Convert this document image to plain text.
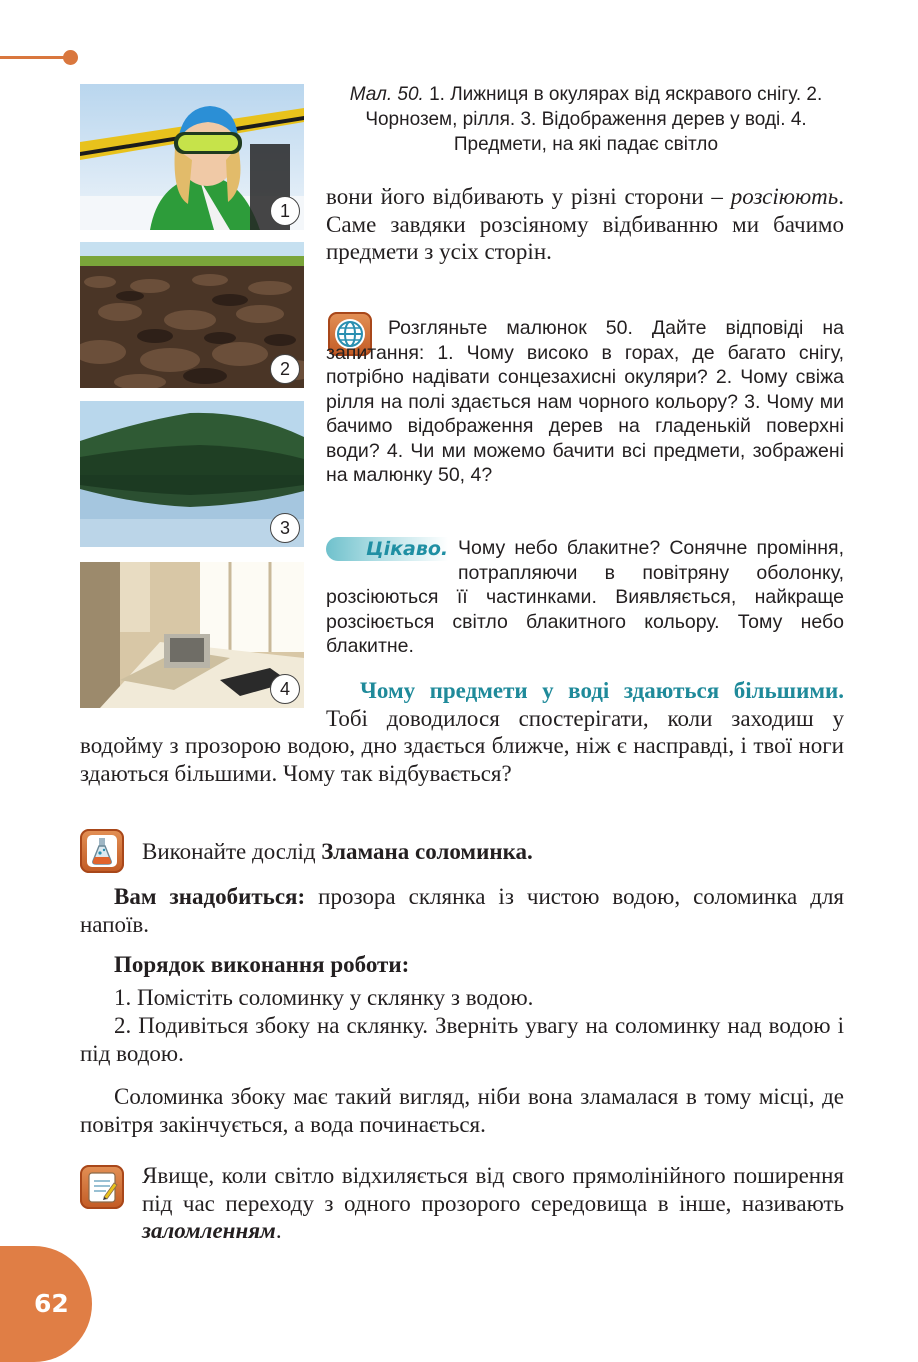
1
2
3
4
Мал. 50. 1. Лижниця в окулярах від яскравого снігу. 2. Чорнозем, рілля. 3. Відображення дерев у воді. 4. Предмети, на які падає світло

вони його відбивають у різні сторони – розсіюють. Саме завдяки розсіяному відбиванню ми бачимо предмети з усіх сторін.

Розгляньте малюнок 50. Дайте відповіді на запитання: 1. Чому високо в горах, де багато снігу, потрібно надівати сонцезахисні окуляри? 2. Чому свіжа рілля на полі здається нам чорного кольору? 3. Чому ми бачимо відображення дерев на гладенькій поверхні води? 4. Чи ми можемо бачити всі предмети, зображені на малюнку 50, 4?

Цікаво. Чому небо блакитне? Сонячне проміння, потрапляючи в повітряну оболонку, розсіюються її частинками. Виявляється, найкраще розсіюється світло блакитного кольору. Тому небо блакитне.

Чому предмети у воді здаються більшими. Тобі доводилося спостерігати, коли заходиш у водойму з прозорою водою, дно здається ближче, ніж є насправді, і твої ноги здаються більшими. Чому так відбувається?

Виконайте дослід Зламана соломинка.

Вам знадобиться: прозора склянка із чистою водою, соломинка для напоїв.

Порядок виконання роботи:

1. Помістіть соломинку у склянку з водою.

2. Подивіться збоку на склянку. Зверніть увагу на соломинку над водою і під водою.

Соломинка збоку має такий вигляд, ніби вона зламалася в тому місці, де повітря закінчується, а вода починається.

Явище, коли світло відхиляється від свого прямолінійного поширення під час переходу з одного прозорого середовища в інше, називають заломленням.

62
